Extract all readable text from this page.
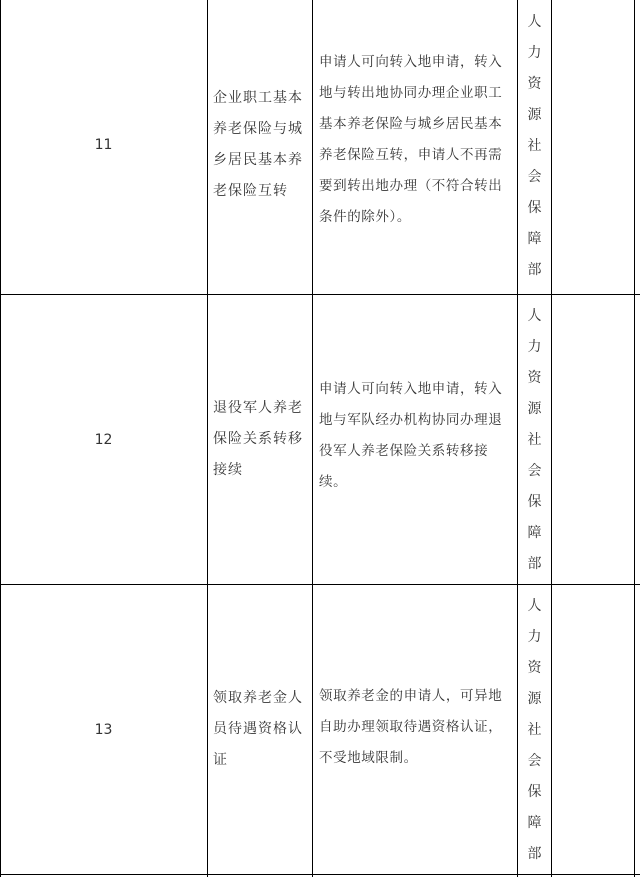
11
企业职工基本养老保险与城乡居民基本养老保险互转
申请人可向转入地申请，转入地与转出地协同办理企业职工基本养老保险与城乡居民基本养老保险互转，申请人不再需要到转出地办理（不符合转出条件的除外）。
人力资源社会保障部
12
退役军人养老保险关系转移接续
申请人可向转入地申请，转入地与军队经办机构协同办理退役军人养老保险关系转移接续。
人力资源社会保障部
13
领取养老金人员待遇资格认证
领取养老金的申请人，可异地自助办理领取待遇资格认证，不受地域限制。
人力资源社会保障部
